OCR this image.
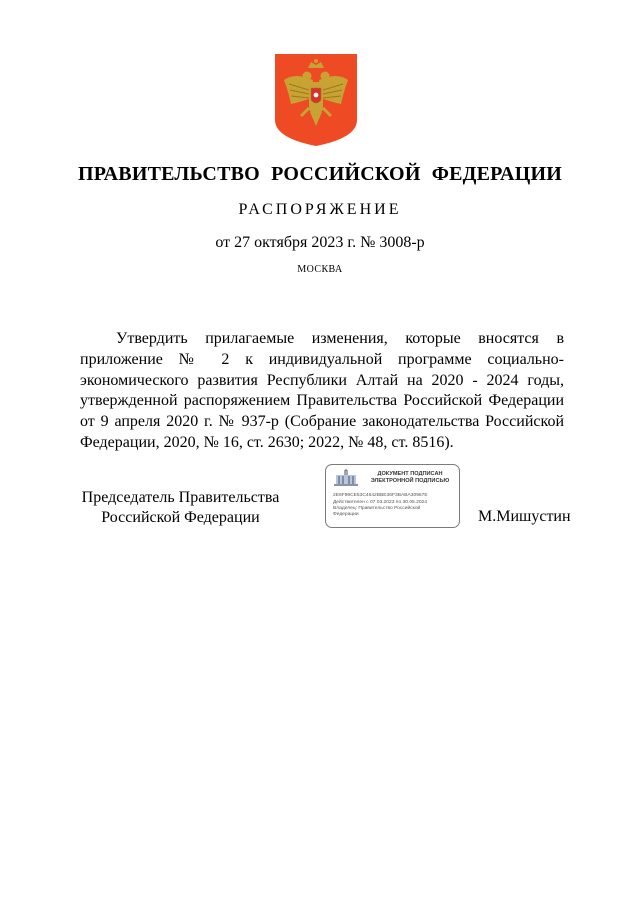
ПРАВИТЕЛЬСТВО РОССИЙСКОЙ ФЕДЕРАЦИИ
РАСПОРЯЖЕНИЕ
от 27 октября 2023 г. № 3008-р
МОСКВА

Утвердить прилагаемые изменения, которые вносятся в приложение № 2 к индивидуальной программе социально-экономического развития Республики Алтай на 2020 - 2024 годы, утвержденной распоряжением Правительства Российской Федерации от 9 апреля 2020 г. № 937-р (Собрание законодательства Российской Федерации, 2020, № 16, ст. 2630; 2022, № 48, ст. 8516).

Председатель Правительства
Российской Федерации
ДОКУМЕНТ ПОДПИСАН
ЭЛЕКТРОННОЙ ПОДПИСЬЮ
2E6F99CE53C4642BBE36F3BABA30967E
Действителен с 07.03.2023 по 30.05.2024
Владелец: Правительство Российской
Федерации	М.Мишустин
